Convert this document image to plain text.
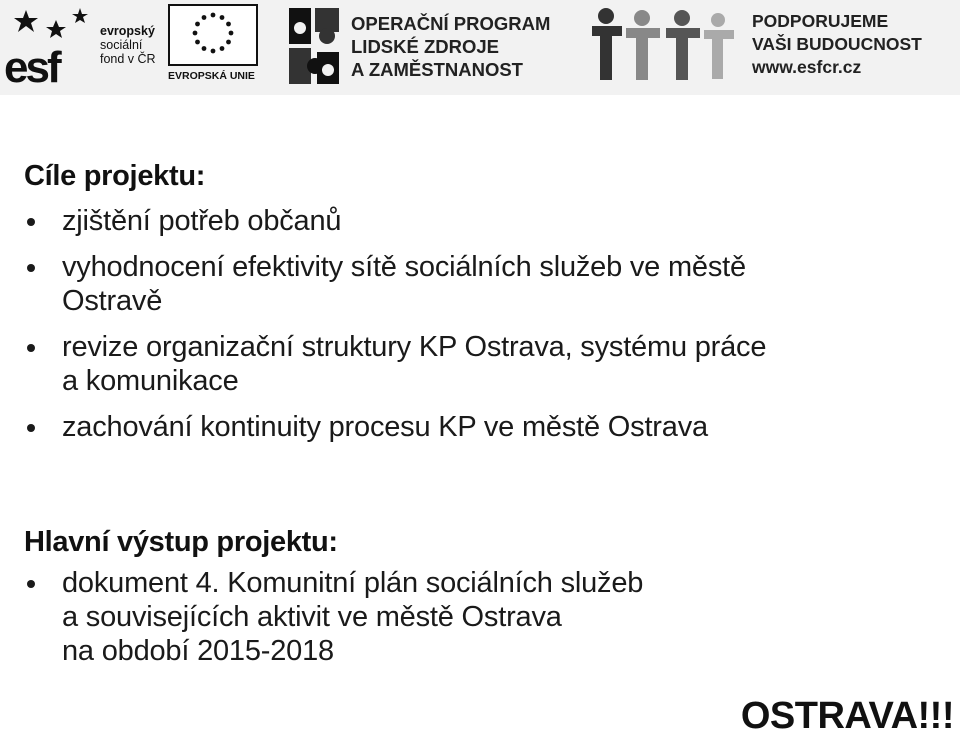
esf
evropský
sociální
fond v ČR
EVROPSKÁ UNIE
OPERAČNÍ PROGRAM
LIDSKÉ ZDROJE
A ZAMĚSTNANOST
PODPORUJEME
VAŠI BUDOUCNOST
www.esfcr.cz
Cíle projektu:
zjištění potřeb občanů
vyhodnocení efektivity sítě sociálních služeb ve městě
Ostravě
revize organizační struktury KP Ostrava, systému práce
a komunikace
zachování kontinuity procesu KP ve městě Ostrava
Hlavní výstup projektu:
dokument 4. Komunitní plán sociálních služeb
a souvisejících aktivit ve městě Ostrava
na období 2015-2018
OSTRAVA!!!
